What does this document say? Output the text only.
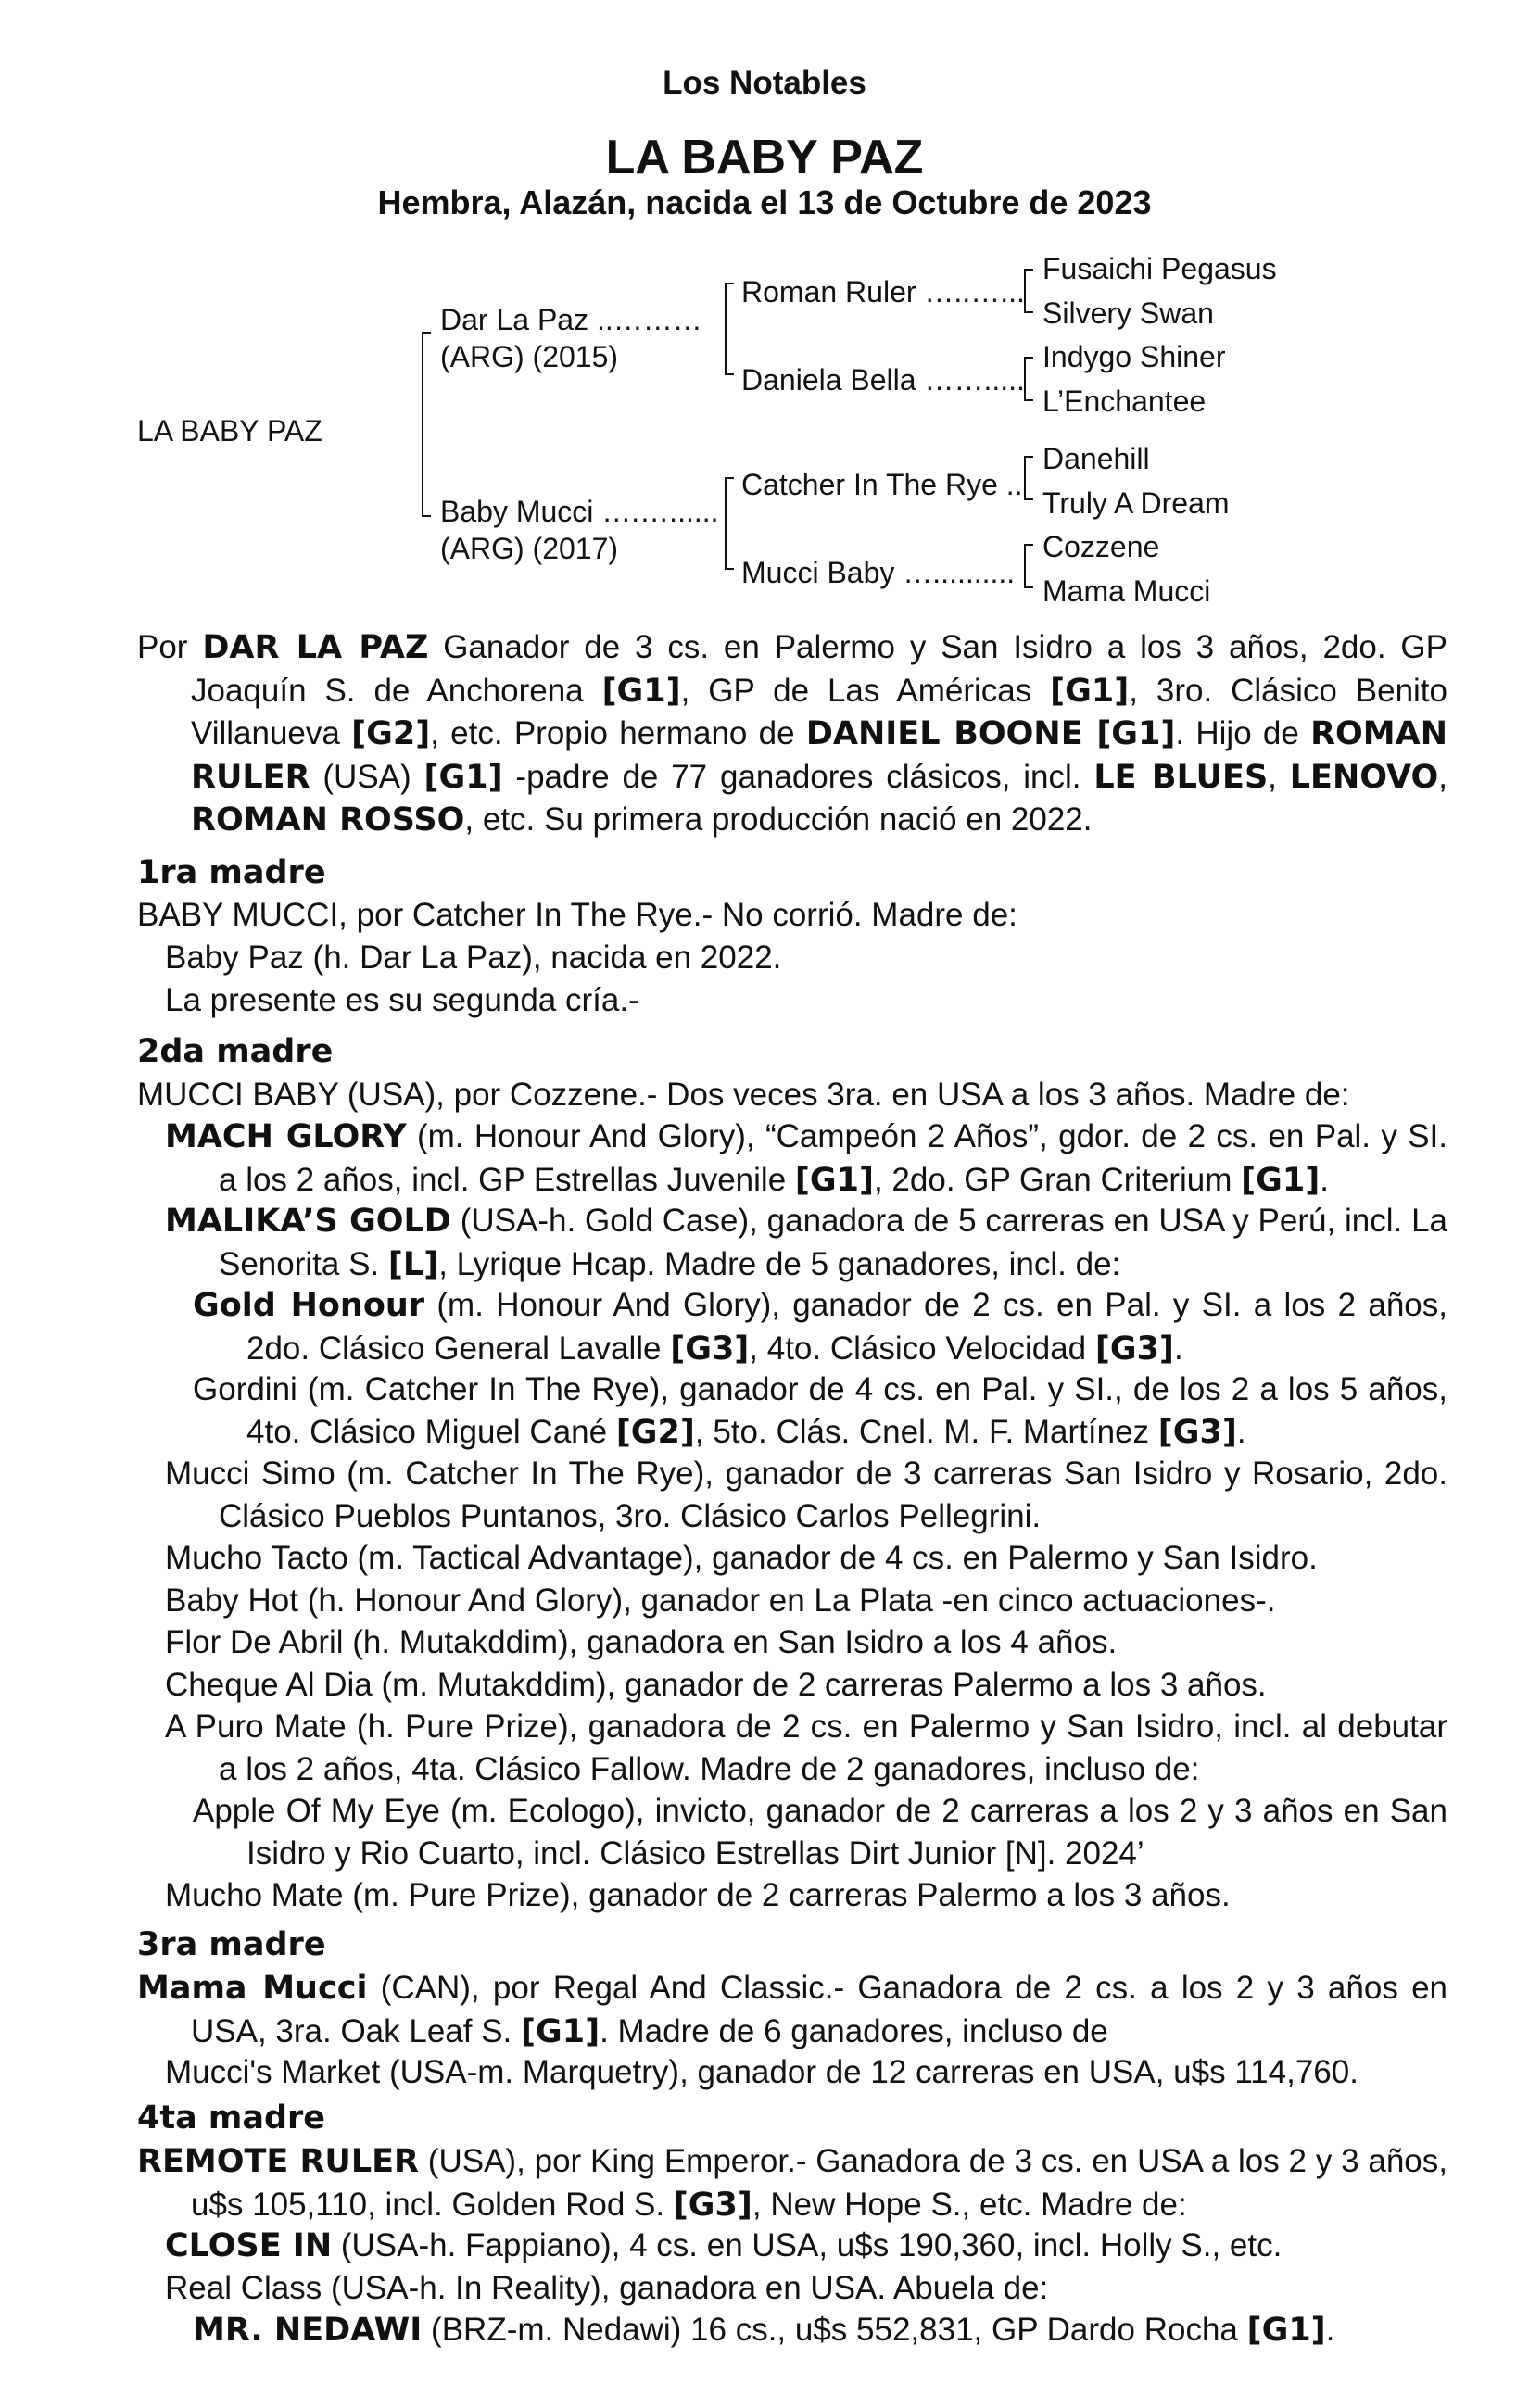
Los Notables
LA BABY PAZ
Hembra, Alazán, nacida el 13 de Octubre de 2023
LA BABY PAZ
Dar La Paz ..………
(ARG) (2015)
Baby Mucci ….…......
(ARG) (2017)
Roman Ruler …..…...
Daniela Bella …….....
Catcher In The Rye ..
Mucci Baby …..........
Fusaichi Pegasus
Silvery Swan
Indygo Shiner
L’Enchantee
Danehill
Truly A Dream
Cozzene
Mama Mucci
Por DAR LA PAZ Ganador de 3 cs. en Palermo y San Isidro a los 3 años, 2do. GP Joaquín S. de Anchorena [G1], GP de Las Américas [G1], 3ro. Clásico Benito Villanueva [G2], etc. Propio hermano de DANIEL BOONE [G1]. Hijo de ROMAN RULER (USA) [G1] -padre de 77 ganadores clásicos, incl. LE BLUES, LENOVO, ROMAN ROSSO, etc. Su primera producción nació en 2022.
1ra madre
BABY MUCCI, por Catcher In The Rye.- No corrió. Madre de:
Baby Paz (h. Dar La Paz), nacida en 2022.
La presente es su segunda cría.-
2da madre
MUCCI BABY (USA), por Cozzene.- Dos veces 3ra. en USA a los 3 años. Madre de:
MACH GLORY (m. Honour And Glory), “Campeón 2 Años”, gdor. de 2 cs. en Pal. y SI. a los 2 años, incl. GP Estrellas Juvenile [G1], 2do. GP Gran Criterium [G1].
MALIKA’S GOLD (USA-h. Gold Case), ganadora de 5 carreras en USA y Perú, incl. La Senorita S. [L], Lyrique Hcap. Madre de 5 ganadores, incl. de:
Gold Honour (m. Honour And Glory), ganador de 2 cs. en Pal. y SI. a los 2 años, 2do. Clásico General Lavalle [G3], 4to. Clásico Velocidad [G3].
Gordini (m. Catcher In The Rye), ganador de 4 cs. en Pal. y SI., de los 2 a los 5 años, 4to. Clásico Miguel Cané [G2], 5to. Clás. Cnel. M. F. Martínez [G3].
Mucci Simo (m. Catcher In The Rye), ganador de 3 carreras San Isidro y Rosario, 2do. Clásico Pueblos Puntanos, 3ro. Clásico Carlos Pellegrini.
Mucho Tacto (m. Tactical Advantage), ganador de 4 cs. en Palermo y San Isidro.
Baby Hot (h. Honour And Glory), ganador en La Plata -en cinco actuaciones-.
Flor De Abril (h. Mutakddim), ganadora en San Isidro a los 4 años.
Cheque Al Dia (m. Mutakddim), ganador de 2 carreras Palermo a los 3 años.
A Puro Mate (h. Pure Prize), ganadora de 2 cs. en Palermo y San Isidro, incl. al debutar a los 2 años, 4ta. Clásico Fallow. Madre de 2 ganadores, incluso de:
Apple Of My Eye (m. Ecologo), invicto, ganador de 2 carreras a los 2 y 3 años en San Isidro y Rio Cuarto, incl. Clásico Estrellas Dirt Junior [N]. 2024’
Mucho Mate (m. Pure Prize), ganador de 2 carreras Palermo a los 3 años.
3ra madre
Mama Mucci (CAN), por Regal And Classic.- Ganadora de 2 cs. a los 2 y 3 años en USA, 3ra. Oak Leaf S. [G1]. Madre de 6 ganadores, incluso de
Mucci's Market (USA-m. Marquetry), ganador de 12 carreras en USA, u$s 114,760.
4ta madre
REMOTE RULER (USA), por King Emperor.- Ganadora de 3 cs. en USA a los 2 y 3 años, u$s 105,110, incl. Golden Rod S. [G3], New Hope S., etc. Madre de:
CLOSE IN (USA-h. Fappiano), 4 cs. en USA, u$s 190,360, incl. Holly S., etc.
Real Class (USA-h. In Reality), ganadora en USA. Abuela de:
MR. NEDAWI (BRZ-m. Nedawi) 16 cs., u$s 552,831, GP Dardo Rocha [G1].
